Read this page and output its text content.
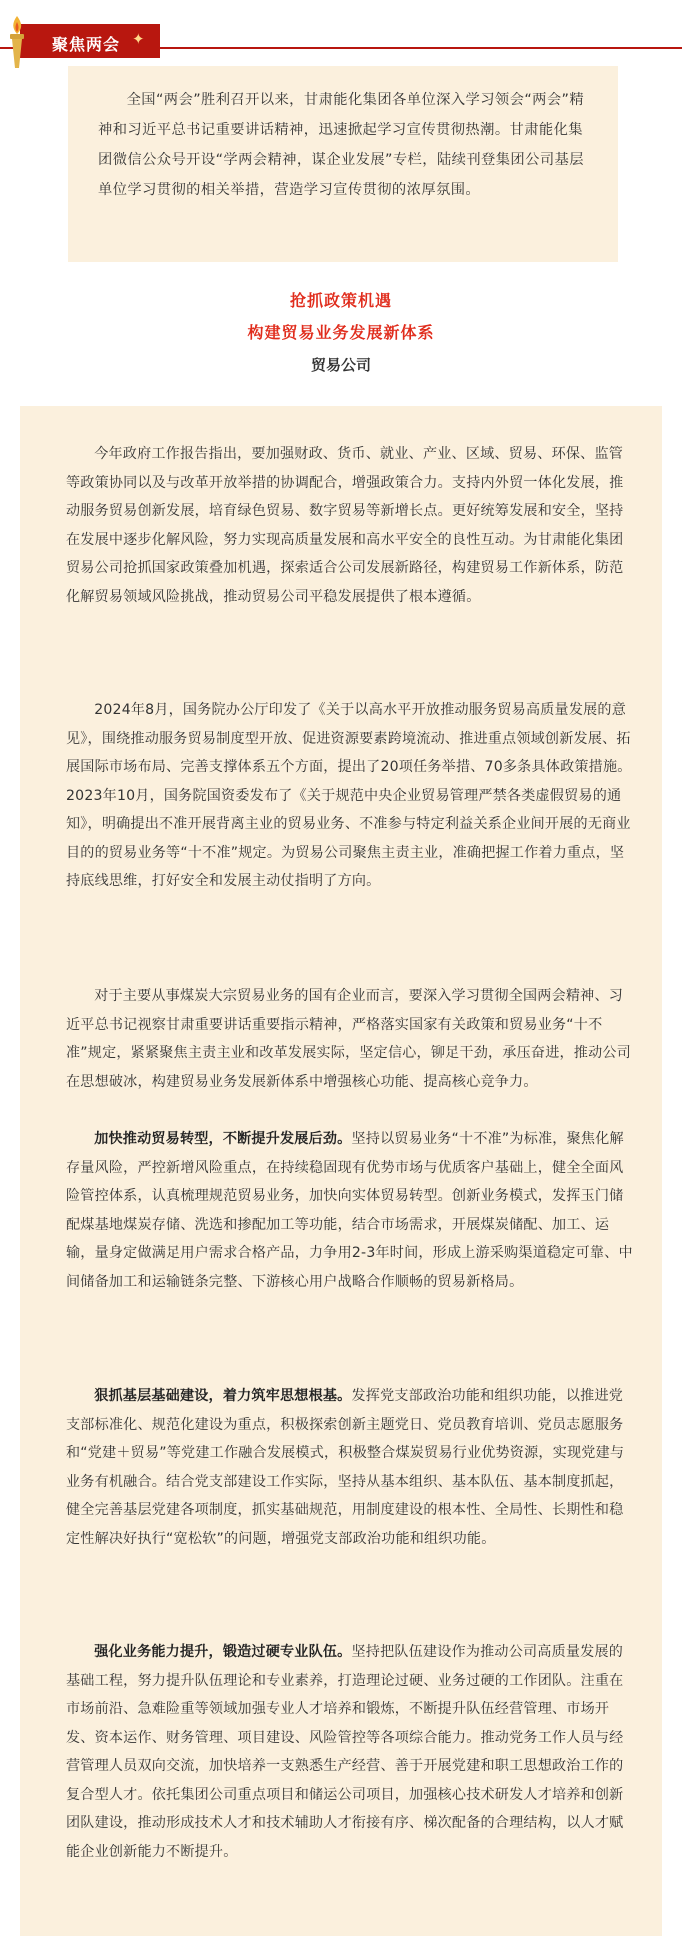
聚焦两会 ✦

全国“两会”胜利召开以来，甘肃能化集团各单位深入学习领会“两会”精神和习近平总书记重要讲话精神，迅速掀起学习宣传贯彻热潮。甘肃能化集团微信公众号开设“学两会精神，谋企业发展”专栏，陆续刊登集团公司基层单位学习贯彻的相关举措，营造学习宣传贯彻的浓厚氛围。

抢抓政策机遇
构建贸易业务发展新体系
贸易公司

今年政府工作报告指出，要加强财政、货币、就业、产业、区域、贸易、环保、监管等政策协同以及与改革开放举措的协调配合，增强政策合力。支持内外贸一体化发展，推动服务贸易创新发展，培育绿色贸易、数字贸易等新增长点。更好统筹发展和安全，坚持在发展中逐步化解风险，努力实现高质量发展和高水平安全的良性互动。为甘肃能化集团贸易公司抢抓国家政策叠加机遇，探索适合公司发展新路径，构建贸易工作新体系，防范化解贸易领域风险挑战，推动贸易公司平稳发展提供了根本遵循。

2024年8月，国务院办公厅印发了《关于以高水平开放推动服务贸易高质量发展的意见》，围绕推动服务贸易制度型开放、促进资源要素跨境流动、推进重点领域创新发展、拓展国际市场布局、完善支撑体系五个方面，提出了20项任务举措、70多条具体政策措施。2023年10月，国务院国资委发布了《关于规范中央企业贸易管理严禁各类虚假贸易的通知》，明确提出不准开展背离主业的贸易业务、不准参与特定利益关系企业间开展的无商业目的的贸易业务等“十不准”规定。为贸易公司聚焦主责主业，准确把握工作着力重点，坚持底线思维，打好安全和发展主动仗指明了方向。

对于主要从事煤炭大宗贸易业务的国有企业而言，要深入学习贯彻全国两会精神、习近平总书记视察甘肃重要讲话重要指示精神，严格落实国家有关政策和贸易业务“十不准”规定，紧紧聚焦主责主业和改革发展实际，坚定信心，铆足干劲，承压奋进，推动公司在思想破冰，构建贸易业务发展新体系中增强核心功能、提高核心竞争力。

加快推动贸易转型，不断提升发展后劲。坚持以贸易业务“十不准”为标准，聚焦化解存量风险，严控新增风险重点，在持续稳固现有优势市场与优质客户基础上，健全全面风险管控体系，认真梳理规范贸易业务，加快向实体贸易转型。创新业务模式，发挥玉门储配煤基地煤炭存储、洗选和掺配加工等功能，结合市场需求，开展煤炭储配、加工、运输，量身定做满足用户需求合格产品，力争用2-3年时间，形成上游采购渠道稳定可靠、中间储备加工和运输链条完整、下游核心用户战略合作顺畅的贸易新格局。

狠抓基层基础建设，着力筑牢思想根基。发挥党支部政治功能和组织功能，以推进党支部标准化、规范化建设为重点，积极探索创新主题党日、党员教育培训、党员志愿服务和“党建＋贸易”等党建工作融合发展模式，积极整合煤炭贸易行业优势资源，实现党建与业务有机融合。结合党支部建设工作实际，坚持从基本组织、基本队伍、基本制度抓起，健全完善基层党建各项制度，抓实基础规范，用制度建设的根本性、全局性、长期性和稳定性解决好执行“宽松软”的问题，增强党支部政治功能和组织功能。

强化业务能力提升，锻造过硬专业队伍。坚持把队伍建设作为推动公司高质量发展的基础工程，努力提升队伍理论和专业素养，打造理论过硬、业务过硬的工作团队。注重在市场前沿、急难险重等领域加强专业人才培养和锻炼，不断提升队伍经营管理、市场开发、资本运作、财务管理、项目建设、风险管控等各项综合能力。推动党务工作人员与经营管理人员双向交流，加快培养一支熟悉生产经营、善于开展党建和职工思想政治工作的复合型人才。依托集团公司重点项目和储运公司项目，加强核心技术研发人才培养和创新团队建设，推动形成技术人才和技术辅助人才衔接有序、梯次配备的合理结构，以人才赋能企业创新能力不断提升。
